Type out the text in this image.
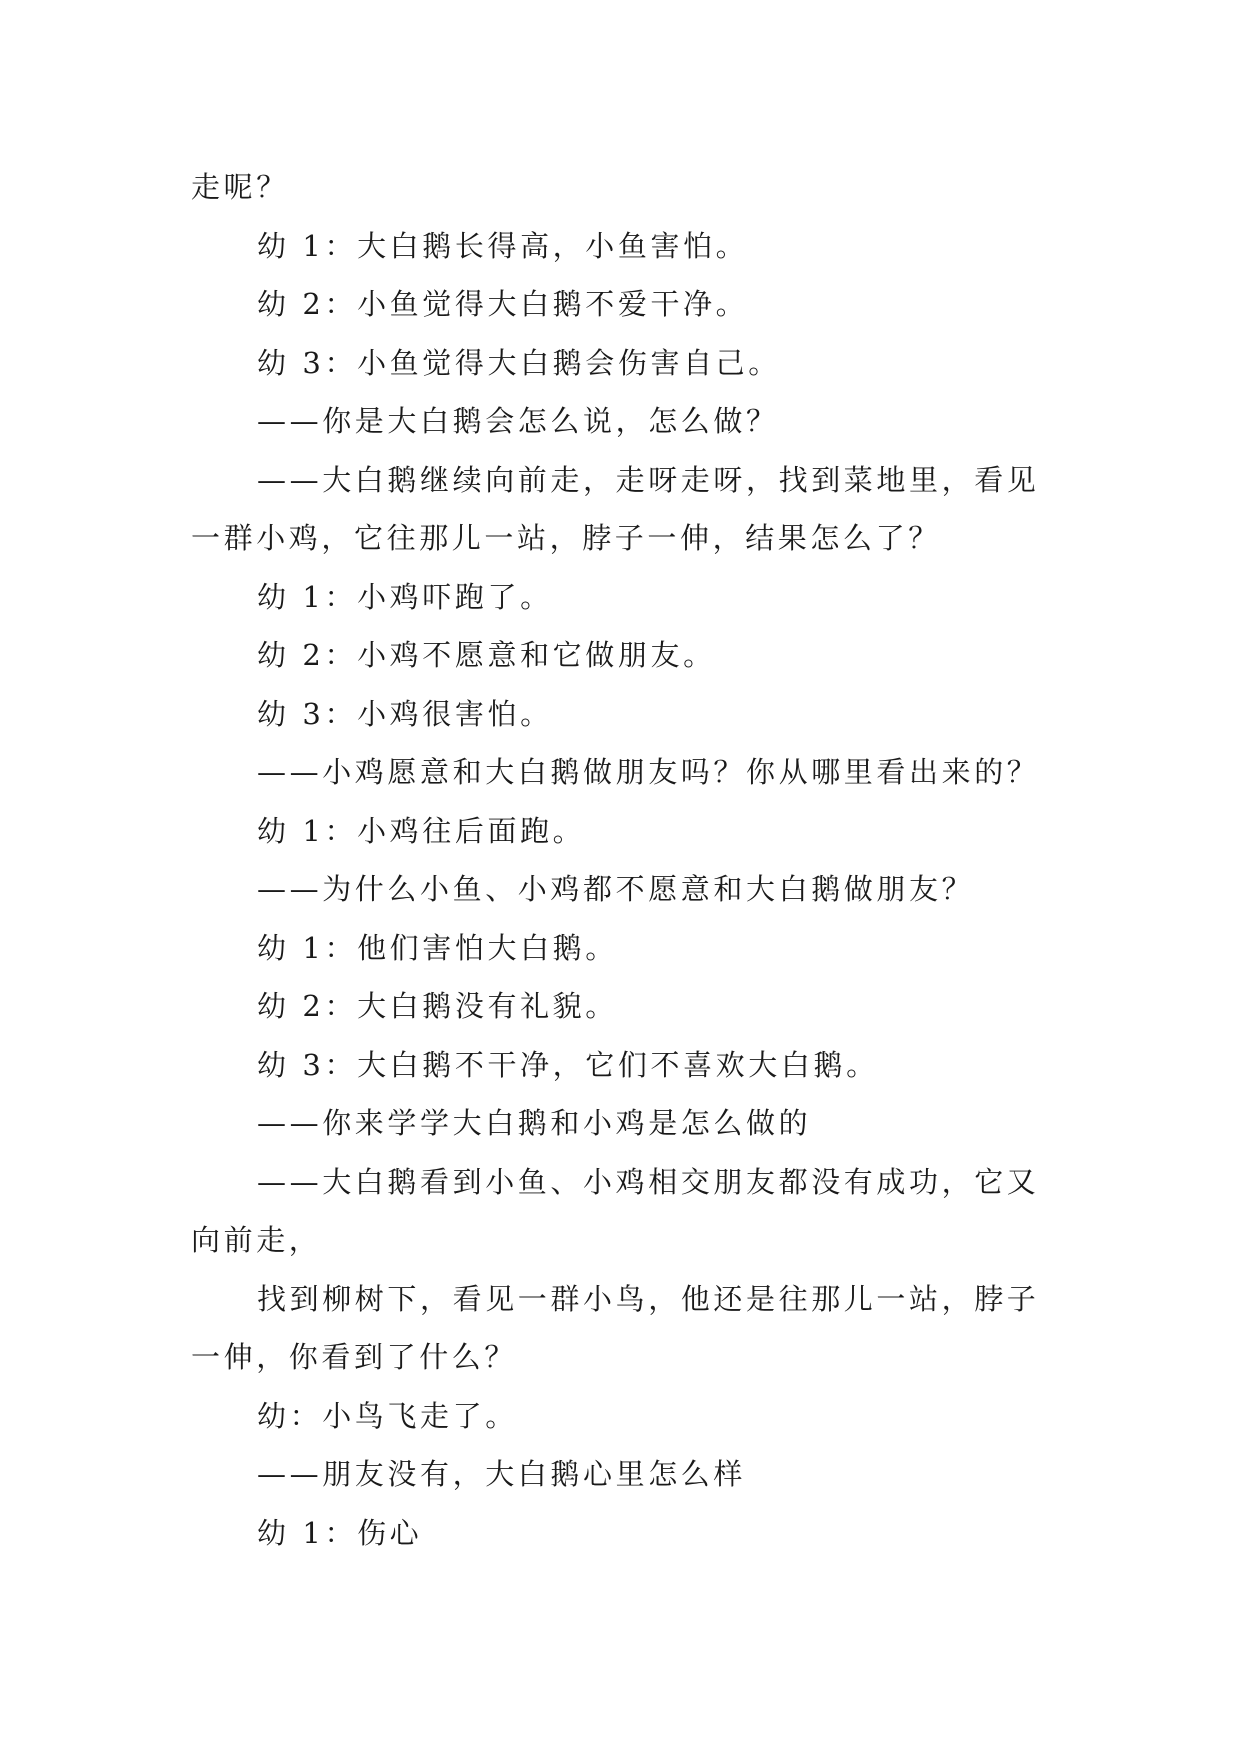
走呢？
幼 1：大白鹅长得高，小鱼害怕。
幼 2：小鱼觉得大白鹅不爱干净。
幼 3：小鱼觉得大白鹅会伤害自己。
——你是大白鹅会怎么说，怎么做？
——大白鹅继续向前走，走呀走呀，找到菜地里，看见
一群小鸡，它往那儿一站，脖子一伸，结果怎么了？
幼 1：小鸡吓跑了。
幼 2：小鸡不愿意和它做朋友。
幼 3：小鸡很害怕。
——小鸡愿意和大白鹅做朋友吗？你从哪里看出来的？
幼 1：小鸡往后面跑。
——为什么小鱼、小鸡都不愿意和大白鹅做朋友？
幼 1：他们害怕大白鹅。
幼 2：大白鹅没有礼貌。
幼 3：大白鹅不干净，它们不喜欢大白鹅。
——你来学学大白鹅和小鸡是怎么做的
——大白鹅看到小鱼、小鸡相交朋友都没有成功，它又
向前走，
找到柳树下，看见一群小鸟，他还是往那儿一站，脖子
一伸，你看到了什么？
幼：小鸟飞走了。
——朋友没有，大白鹅心里怎么样
幼 1：伤心
